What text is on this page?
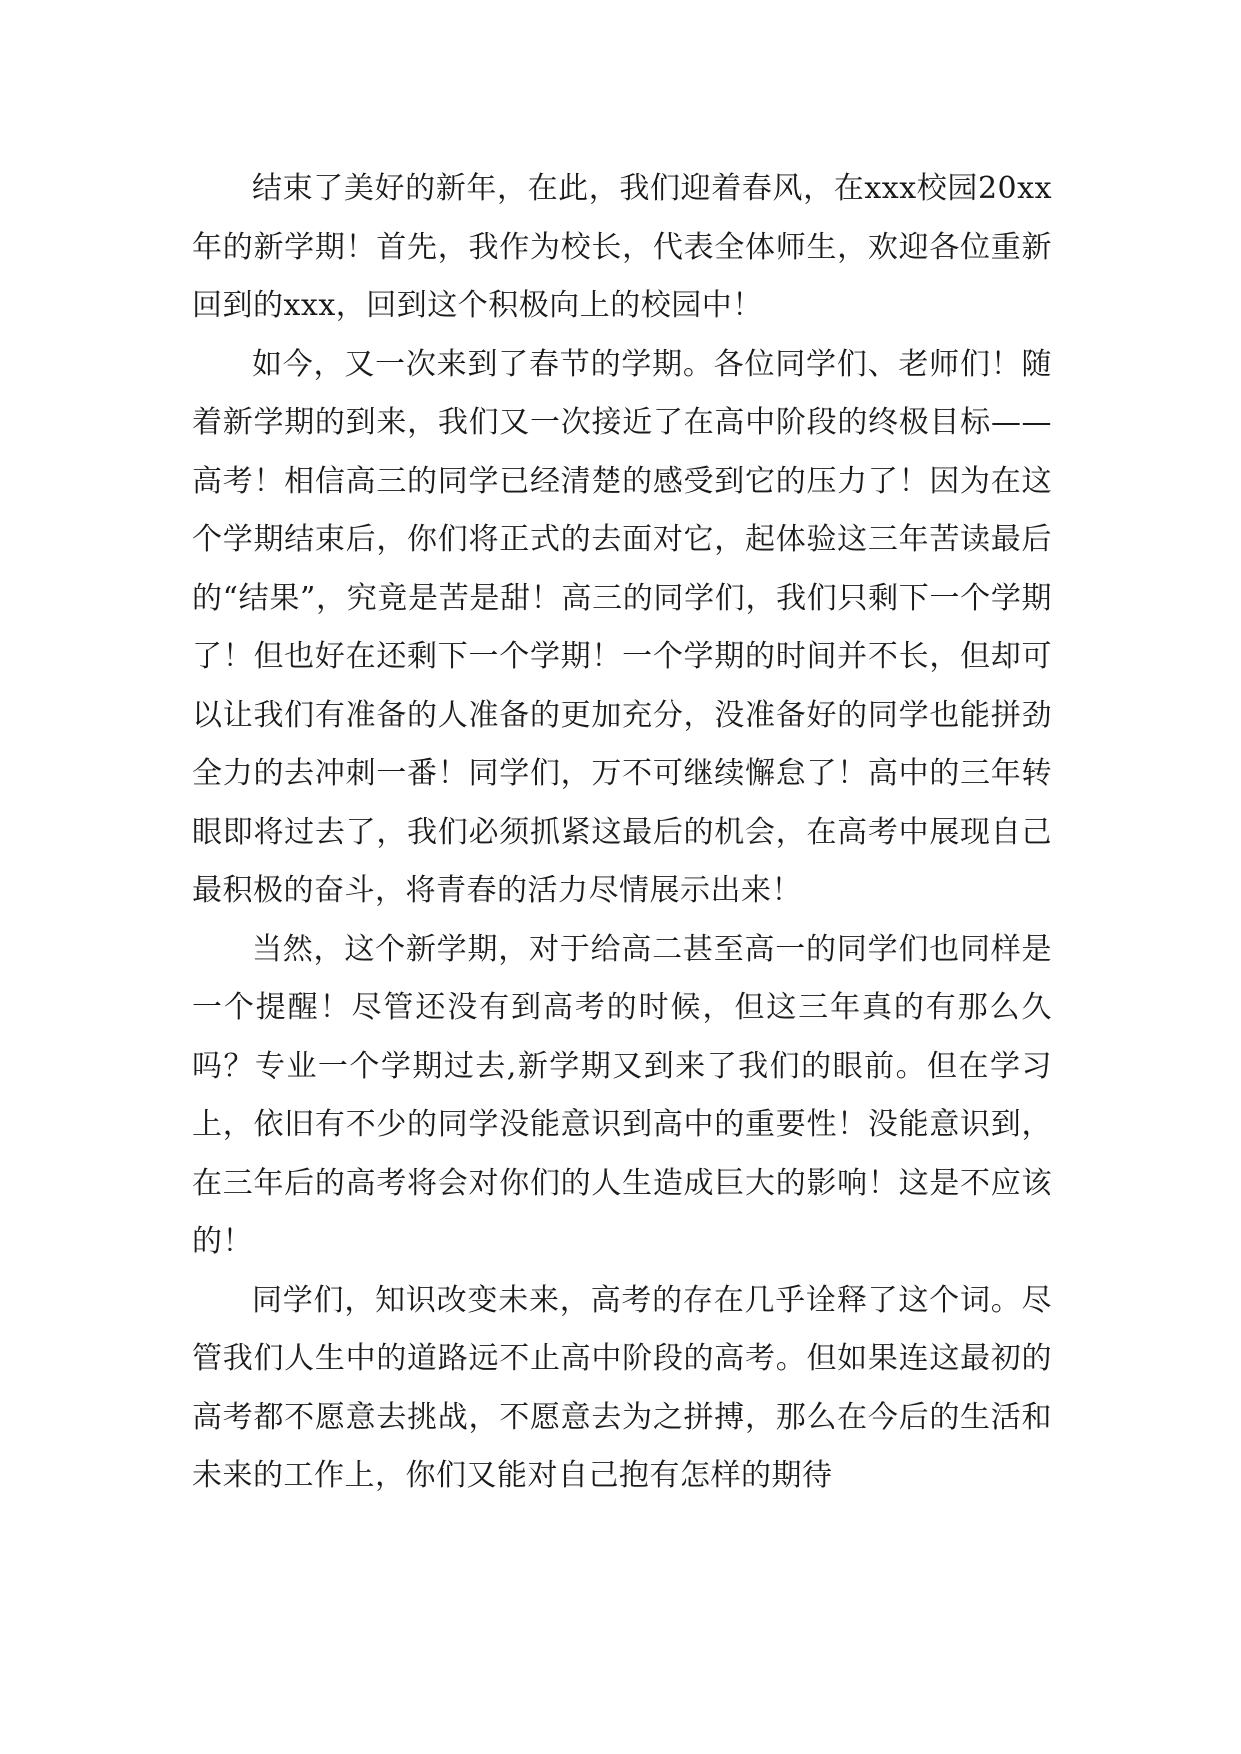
结束了美好的新年，在此，我们迎着春风，在xxx校园20xx年的新学期！首先，我作为校长，代表全体师生，欢迎各位重新回到的xxx，回到这个积极向上的校园中！

如今，又一次来到了春节的学期。各位同学们、老师们！随着新学期的到来，我们又一次接近了在高中阶段的终极目标——高考！相信高三的同学已经清楚的感受到它的压力了！因为在这个学期结束后，你们将正式的去面对它，起体验这三年苦读最后的“结果”，究竟是苦是甜！高三的同学们，我们只剩下一个学期了！但也好在还剩下一个学期！一个学期的时间并不长，但却可以让我们有准备的人准备的更加充分，没准备好的同学也能拼劲全力的去冲刺一番！同学们，万不可继续懈怠了！高中的三年转眼即将过去了，我们必须抓紧这最后的机会，在高考中展现自己最积极的奋斗，将青春的活力尽情展示出来！

当然，这个新学期，对于给高二甚至高一的同学们也同样是一个提醒！尽管还没有到高考的时候，但这三年真的有那么久吗？专业一个学期过去,新学期又到来了我们的眼前。但在学习上，依旧有不少的同学没能意识到高中的重要性！没能意识到，在三年后的高考将会对你们的人生造成巨大的影响！这是不应该的！

同学们，知识改变未来，高考的存在几乎诠释了这个词。尽管我们人生中的道路远不止高中阶段的高考。但如果连这最初的高考都不愿意去挑战，不愿意去为之拼搏，那么在今后的生活和未来的工作上，你们又能对自己抱有怎样的期待
